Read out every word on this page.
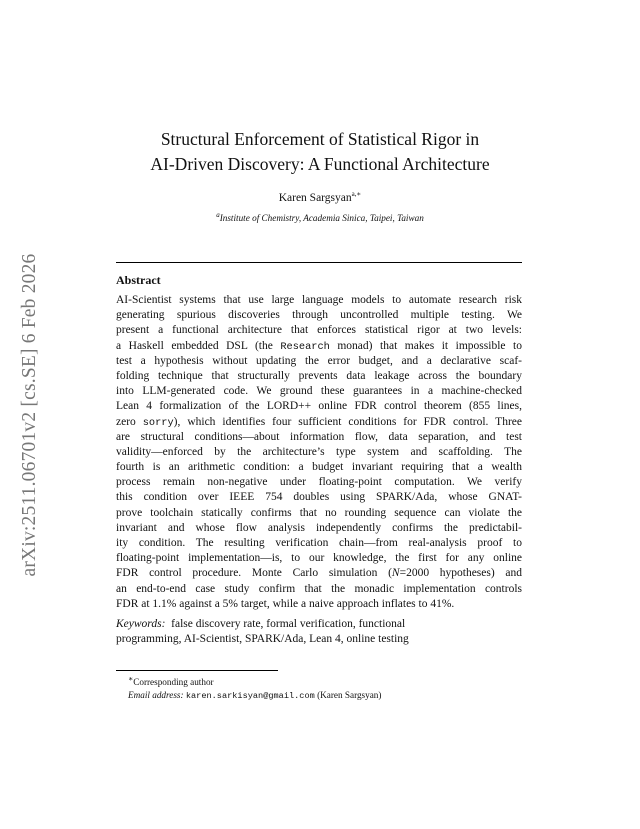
arXiv:2511.06701v2 [cs.SE] 6 Feb 2026
Structural Enforcement of Statistical Rigor in
AI-Driven Discovery: A Functional Architecture
Karen Sargsyan$^{a,∗}$
$^a$Institute of Chemistry, Academia Sinica, Taipei, Taiwan
Abstract
AI-Scientist systems that use large language models to automate research risk
generating spurious discoveries through uncontrolled multiple testing. We
present a functional architecture that enforces statistical rigor at two levels:
a Haskell embedded DSL (the Research monad) that makes it impossible to
test a hypothesis without updating the error budget, and a declarative scaf-
folding technique that structurally prevents data leakage across the boundary
into LLM-generated code. We ground these guarantees in a machine-checked
Lean 4 formalization of the LORD++ online FDR control theorem (855 lines,
zero sorry), which identifies four sufficient conditions for FDR control. Three
are structural conditions—about information flow, data separation, and test
validity—enforced by the architecture’s type system and scaffolding. The
fourth is an arithmetic condition: a budget invariant requiring that a wealth
process remain non-negative under floating-point computation. We verify
this condition over IEEE 754 doubles using SPARK/Ada, whose GNAT-
prove toolchain statically confirms that no rounding sequence can violate the
invariant and whose flow analysis independently confirms the predictabil-
ity condition. The resulting verification chain—from real-analysis proof to
floating-point implementation—is, to our knowledge, the first for any online
FDR control procedure. Monte Carlo simulation (N=2000 hypotheses) and
an end-to-end case study confirm that the monadic implementation controls
FDR at 1.1% against a 5% target, while a naive approach inflates to 41%.
Keywords: false discovery rate, formal verification, functional
programming, AI-Scientist, SPARK/Ada, Lean 4, online testing
∗Corresponding author
Email address: karen.sarkisyan@gmail.com (Karen Sargsyan)
